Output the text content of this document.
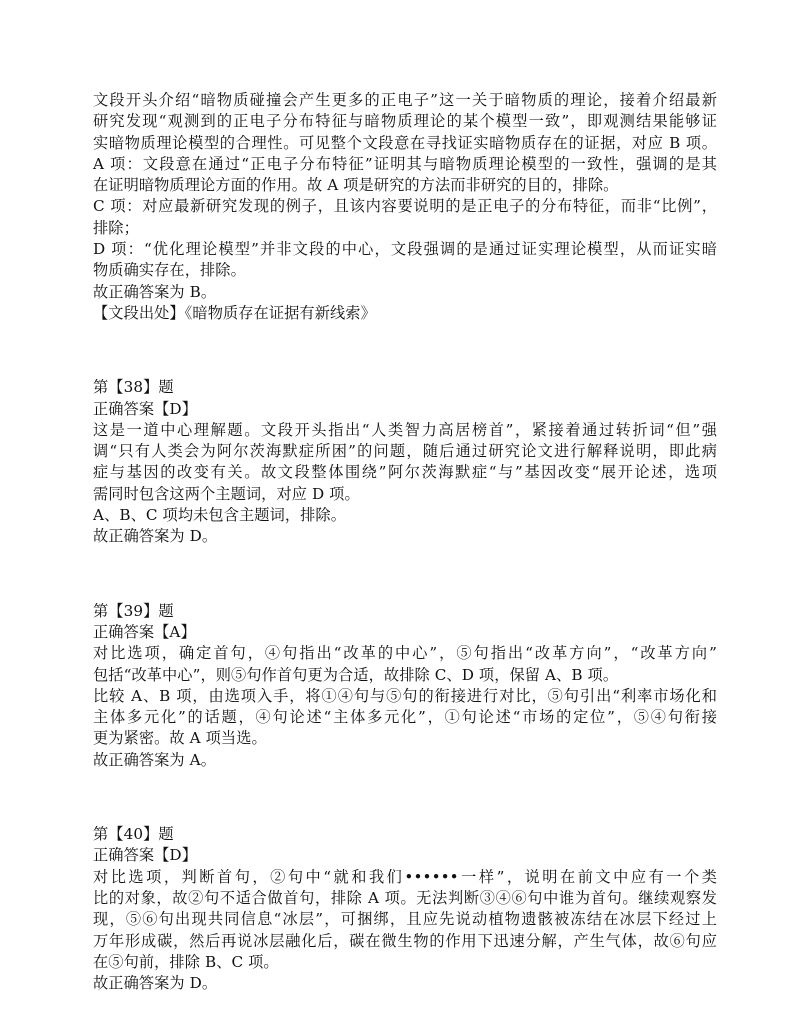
文段开头介绍“暗物质碰撞会产生更多的正电子”这一关于暗物质的理论，接着介绍最新
研究发现“观测到的正电子分布特征与暗物质理论的某个模型一致”，即观测结果能够证
实暗物质理论模型的合理性。可见整个文段意在寻找证实暗物质存在的证据，对应 B 项。
A 项：文段意在通过“正电子分布特征”证明其与暗物质理论模型的一致性，强调的是其
在证明暗物质理论方面的作用。故 A 项是研究的方法而非研究的目的，排除。
C 项：对应最新研究发现的例子，且该内容要说明的是正电子的分布特征，而非“比例”，
排除；
D 项：“优化理论模型”并非文段的中心，文段强调的是通过证实理论模型，从而证实暗
物质确实存在，排除。
故正确答案为 B。
【文段出处】《暗物质存在证据有新线索》
第【38】题
正确答案【D】
这是一道中心理解题。文段开头指出“人类智力高居榜首”，紧接着通过转折词“但”强
调“只有人类会为阿尔茨海默症所困”的问题，随后通过研究论文进行解释说明，即此病
症与基因的改变有关。故文段整体围绕”阿尔茨海默症“与”基因改变“展开论述，选项
需同时包含这两个主题词，对应 D 项。
A、B、C 项均未包含主题词，排除。
故正确答案为 D。
第【39】题
正确答案【A】
对比选项，确定首句，④句指出“改革的中心”，⑤句指出“改革方向”，“改革方向”
包括“改革中心”，则⑤句作首句更为合适，故排除 C、D 项，保留 A、B 项。
比较 A、B 项，由选项入手，将①④句与⑤句的衔接进行对比，⑤句引出“利率市场化和
主体多元化”的话题，④句论述“主体多元化”，①句论述“市场的定位”，⑤④句衔接
更为紧密。故 A 项当选。
故正确答案为 A。
第【40】题
正确答案【D】
对比选项，判断首句，②句中“就和我们••••••一样”，说明在前文中应有一个类
比的对象，故②句不适合做首句，排除 A 项。无法判断③④⑥句中谁为首句。继续观察发
现，⑤⑥句出现共同信息“冰层”，可捆绑，且应先说动植物遗骸被冻结在冰层下经过上
万年形成碳，然后再说冰层融化后，碳在微生物的作用下迅速分解，产生气体，故⑥句应
在⑤句前，排除 B、C 项。
故正确答案为 D。
